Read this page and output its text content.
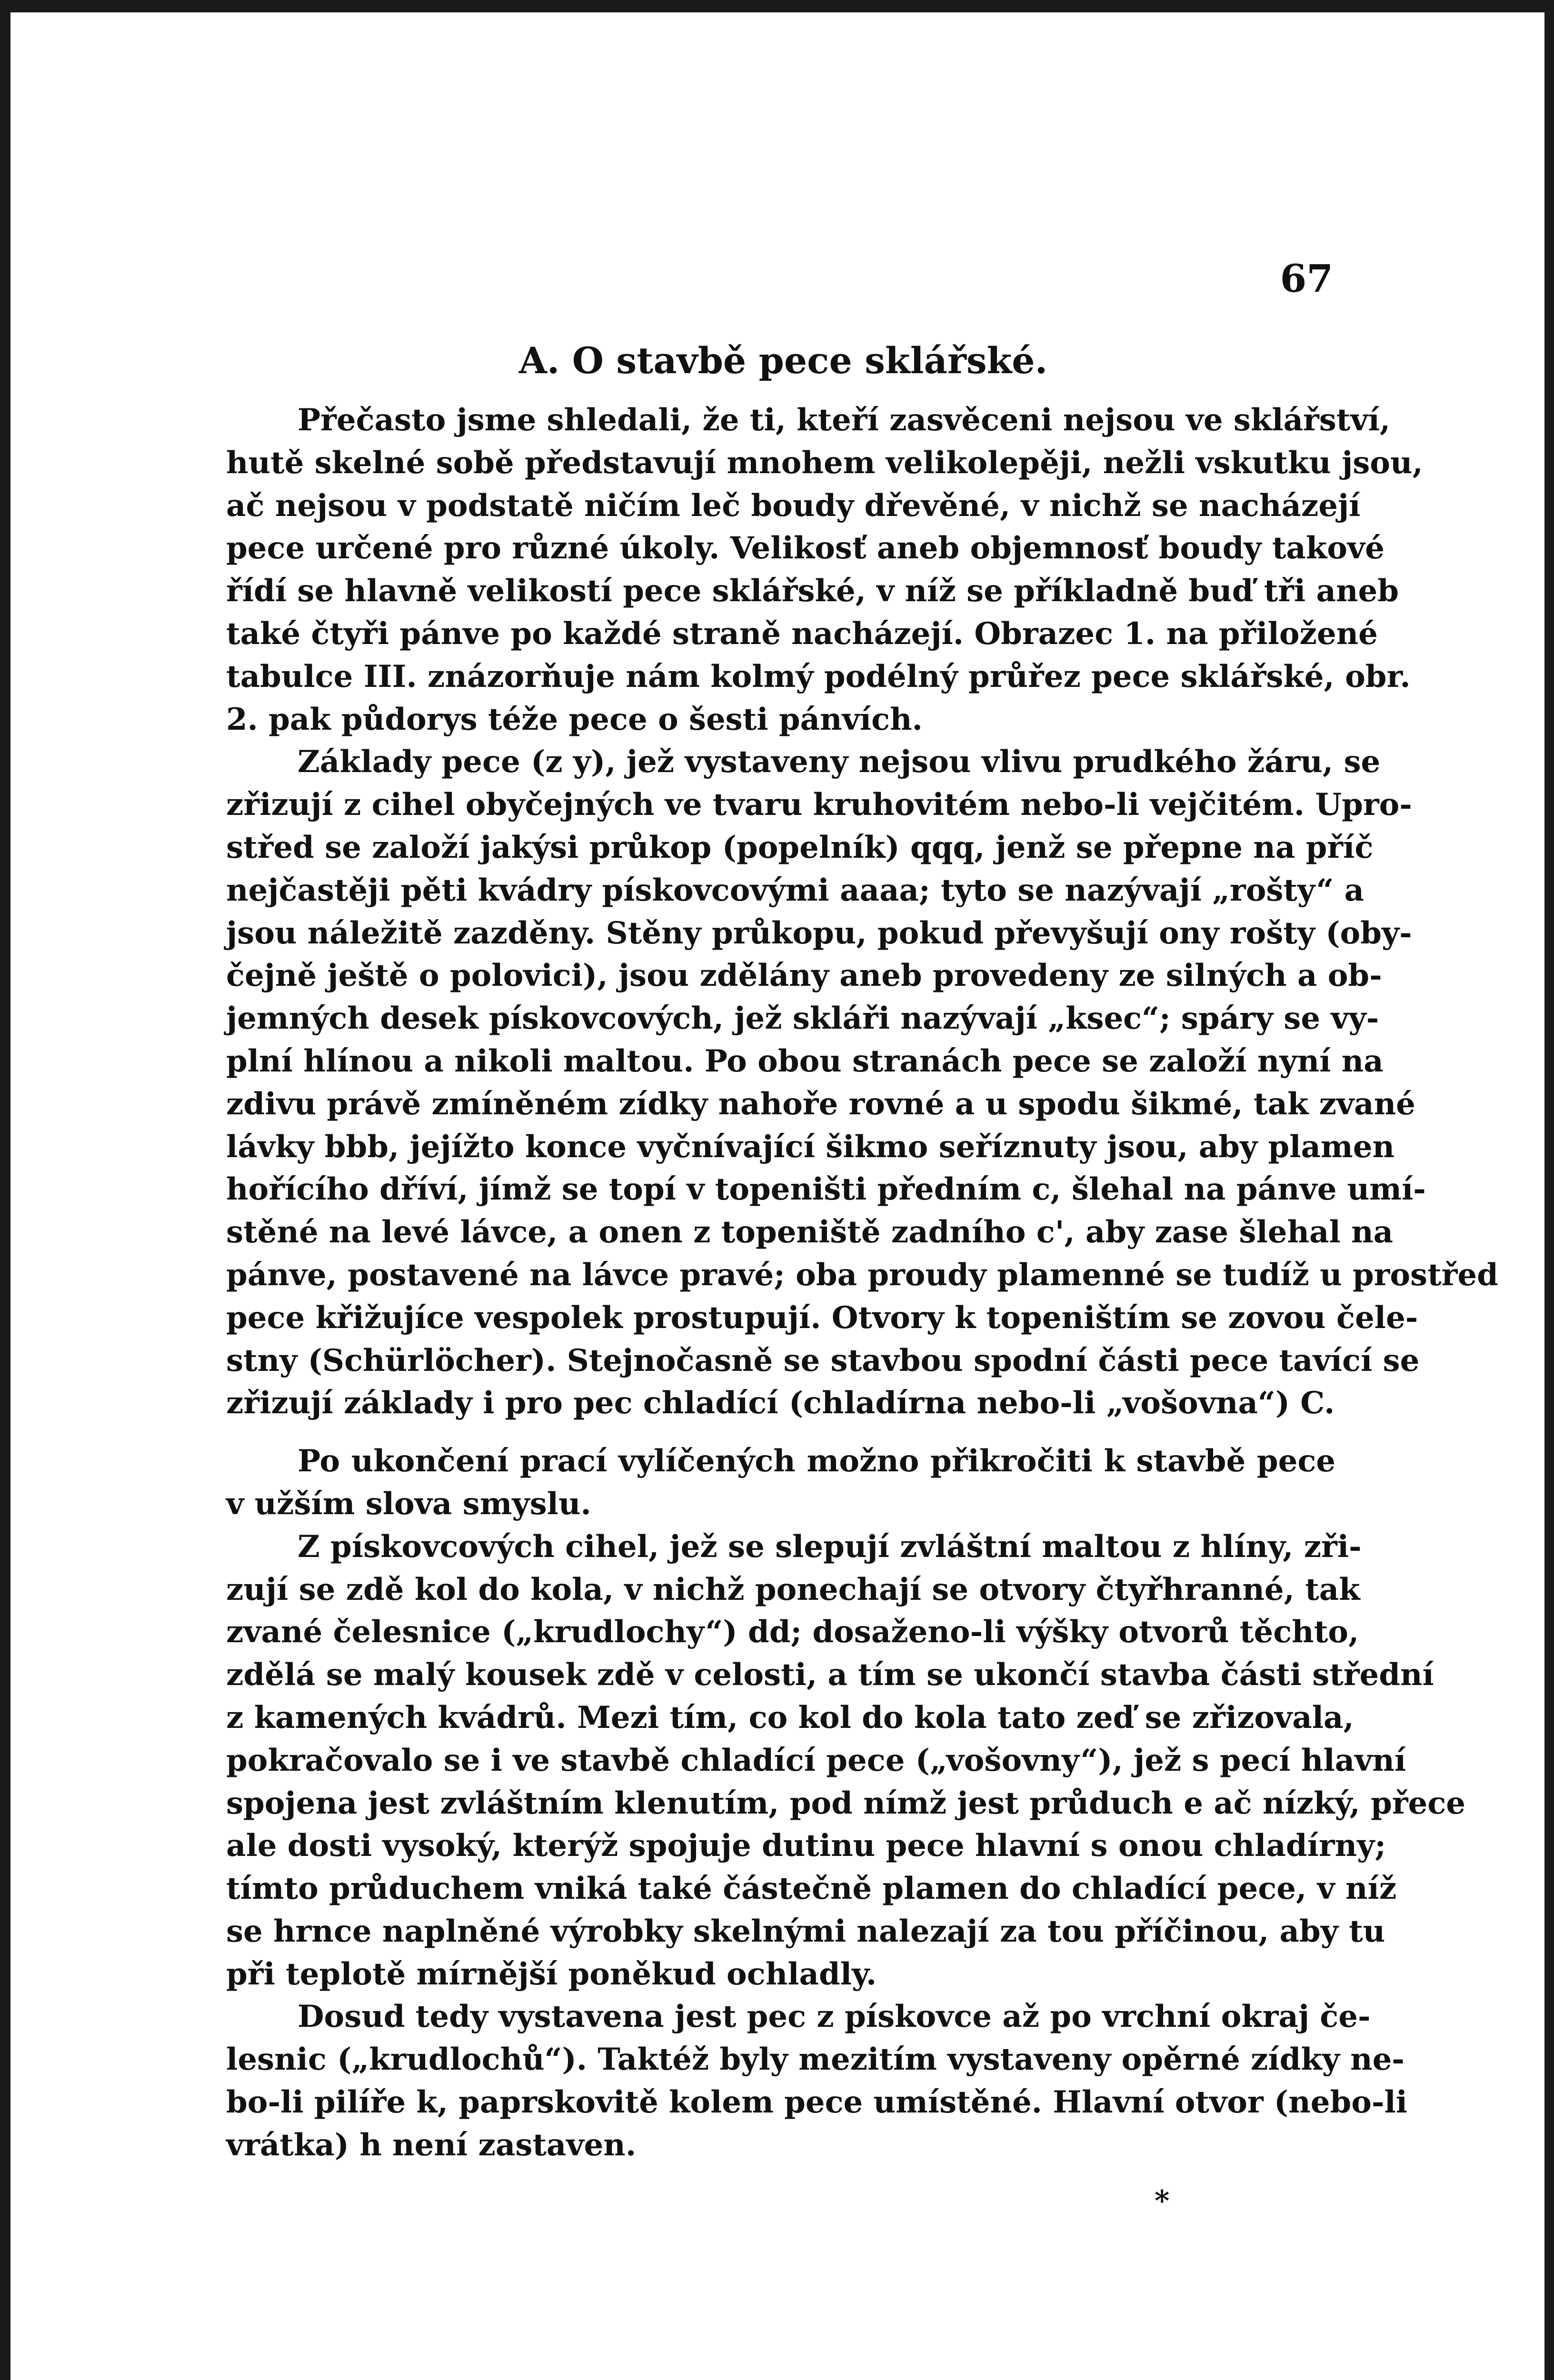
67
A. O stavbě pece sklářské.
Přečasto jsme shledali, že ti, kteří zasvěceni nejsou ve sklářství,
hutě skelné sobě představují mnohem velikolepěji, nežli vskutku jsou,
ač nejsou v podstatě ničím leč boudy dřevěné, v nichž se nacházejí
pece určené pro různé úkoly. Velikosť aneb objemnosť boudy takové
řídí se hlavně velikostí pece sklářské, v níž se příkladně buď tři aneb
také čtyři pánve po každé straně nacházejí. Obrazec 1. na přiložené
tabulce III. znázorňuje nám kolmý podélný průřez pece sklářské, obr.
2. pak půdorys téže pece o šesti pánvích.
Základy pece (z y), jež vystaveny nejsou vlivu prudkého žáru, se
zřizují z cihel obyčejných ve tvaru kruhovitém nebo-li vejčitém. Upro-
střed se založí jakýsi průkop (popelník) qqq, jenž se přepne na příč
nejčastěji pěti kvádry pískovcovými aaaa; tyto se nazývají „rošty“ a
jsou náležitě zazděny. Stěny průkopu, pokud převyšují ony rošty (oby-
čejně ještě o polovici), jsou zdělány aneb provedeny ze silných a ob-
jemných desek pískovcových, jež skláři nazývají „ksec“; spáry se vy-
plní hlínou a nikoli maltou. Po obou stranách pece se založí nyní na
zdivu právě zmíněném zídky nahoře rovné a u spodu šikmé, tak zvané
lávky bbb, jejížto konce vyčnívající šikmo seříznuty jsou, aby plamen
hořícího dříví, jímž se topí v topeništi předním c, šlehal na pánve umí-
stěné na levé lávce, a onen z topeniště zadního c', aby zase šlehal na
pánve, postavené na lávce pravé; oba proudy plamenné se tudíž u prostřed
pece křižujíce vespolek prostupují. Otvory k topeništím se zovou čele-
stny (Schürlöcher). Stejnočasně se stavbou spodní části pece tavící se
zřizují základy i pro pec chladící (chladírna nebo-li „vošovna“) C.
Po ukončení prací vylíčených možno přikročiti k stavbě pece
v užším slova smyslu.
Z pískovcových cihel, jež se slepují zvláštní maltou z hlíny, zři-
zují se zdě kol do kola, v nichž ponechají se otvory čtyřhranné, tak
zvané čelesnice („krudlochy“) dd; dosaženo-li výšky otvorů těchto,
zdělá se malý kousek zdě v celosti, a tím se ukončí stavba části střední
z kamených kvádrů. Mezi tím, co kol do kola tato zeď se zřizovala,
pokračovalo se i ve stavbě chladící pece („vošovny“), jež s pecí hlavní
spojena jest zvláštním klenutím, pod nímž jest průduch e ač nízký, přece
ale dosti vysoký, kterýž spojuje dutinu pece hlavní s onou chladírny;
tímto průduchem vniká také částečně plamen do chladící pece, v níž
se hrnce naplněné výrobky skelnými nalezají za tou příčinou, aby tu
při teplotě mírnější poněkud ochladly.
Dosud tedy vystavena jest pec z pískovce až po vrchní okraj če-
lesnic („krudlochů“). Taktéž byly mezitím vystaveny opěrné zídky ne-
bo-li pilíře k, paprskovitě kolem pece umístěné. Hlavní otvor (nebo-li
vrátka) h není zastaven.
*
